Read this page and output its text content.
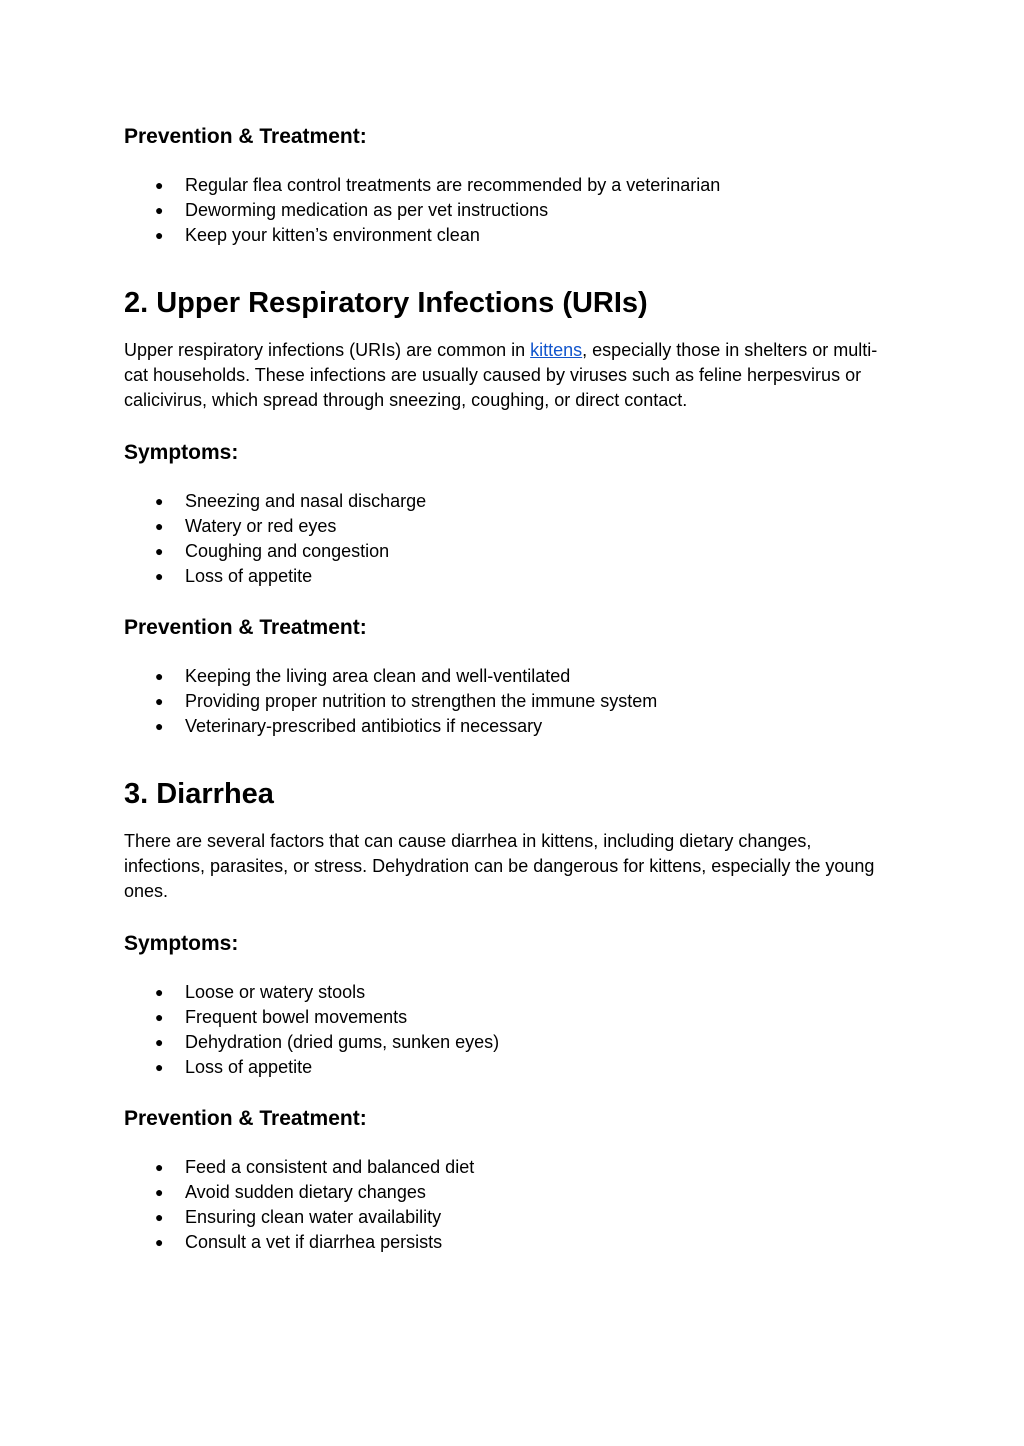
Prevention & Treatment:
● Regular flea control treatments are recommended by a veterinarian
● Deworming medication as per vet instructions
● Keep your kitten’s environment clean
2. Upper Respiratory Infections (URIs)

Upper respiratory infections (URIs) are common in kittens, especially those in shelters or multi-cat households. These infections are usually caused by viruses such as feline herpesvirus or calicivirus, which spread through sneezing, coughing, or direct contact.

Symptoms:
● Sneezing and nasal discharge
● Watery or red eyes
● Coughing and congestion
● Loss of appetite
Prevention & Treatment:
● Keeping the living area clean and well-ventilated
● Providing proper nutrition to strengthen the immune system
● Veterinary-prescribed antibiotics if necessary
3. Diarrhea

There are several factors that can cause diarrhea in kittens, including dietary changes, infections, parasites, or stress. Dehydration can be dangerous for kittens, especially the young ones.

Symptoms:
● Loose or watery stools
● Frequent bowel movements
● Dehydration (dried gums, sunken eyes)
● Loss of appetite
Prevention & Treatment:
● Feed a consistent and balanced diet
● Avoid sudden dietary changes
● Ensuring clean water availability
● Consult a vet if diarrhea persists
